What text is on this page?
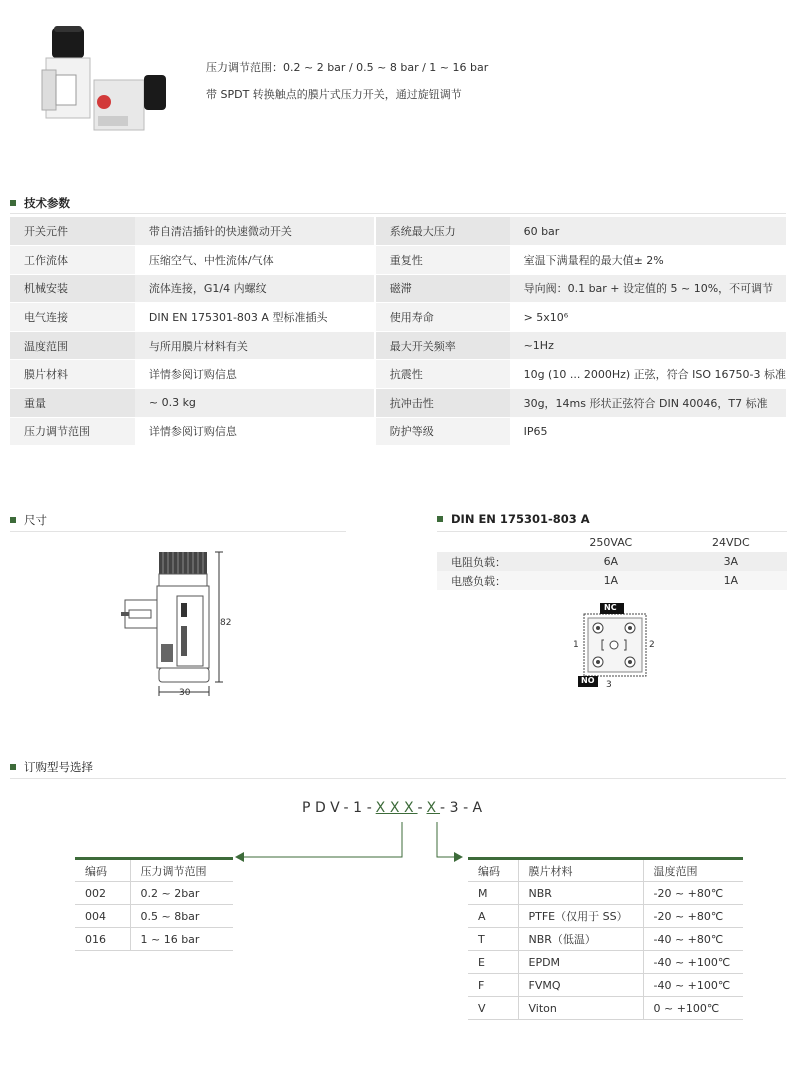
压力调节范围：0.2 ~ 2 bar / 0.5 ~ 8 bar / 1 ~ 16 bar
带 SPDT 转换触点的膜片式压力开关，通过旋钮调节
技术参数
开关元件	带自清洁插针的快速微动开关	系统最大压力	60 bar
工作流体	压缩空气、中性流体/气体	重复性	室温下满量程的最大值± 2%
机械安装	流体连接，G1/4 内螺纹	磁滞	导向阀：0.1 bar + 设定值的 5 ~ 10%，不可调节
电气连接	DIN EN 175301-803 A 型标准插头	使用寿命	> 5x10⁶
温度范围	与所用膜片材料有关	最大开关频率	~1Hz
膜片材料	详情参阅订购信息	抗震性	10g (10 ... 2000Hz) 正弦，符合 ISO 16750-3 标准
重量	~ 0.3 kg	抗冲击性	30g，14ms 形状正弦符合 DIN 40046，T7 标准
压力调节范围	详情参阅订购信息	防护等级	IP65
尺寸
82
30
DIN EN 175301-803 A
	250VAC	24VDC
电阻负载：	6A	3A
电感负载：	1A	1A
NC
NO
1	2
3
订购型号选择
PDV-1-XXX-X-3-A
编码	压力调节范围
002	0.2 ~ 2bar
004	0.5 ~ 8bar
016	1 ~ 16 bar
编码	膜片材料	温度范围
M	NBR	-20 ~ +80℃
A	PTFE（仅用于 SS）	-20 ~ +80℃
T	NBR（低温）	-40 ~ +80℃
E	EPDM	-40 ~ +100℃
F	FVMQ	-40 ~ +100℃
V	Viton	0 ~ +100℃
